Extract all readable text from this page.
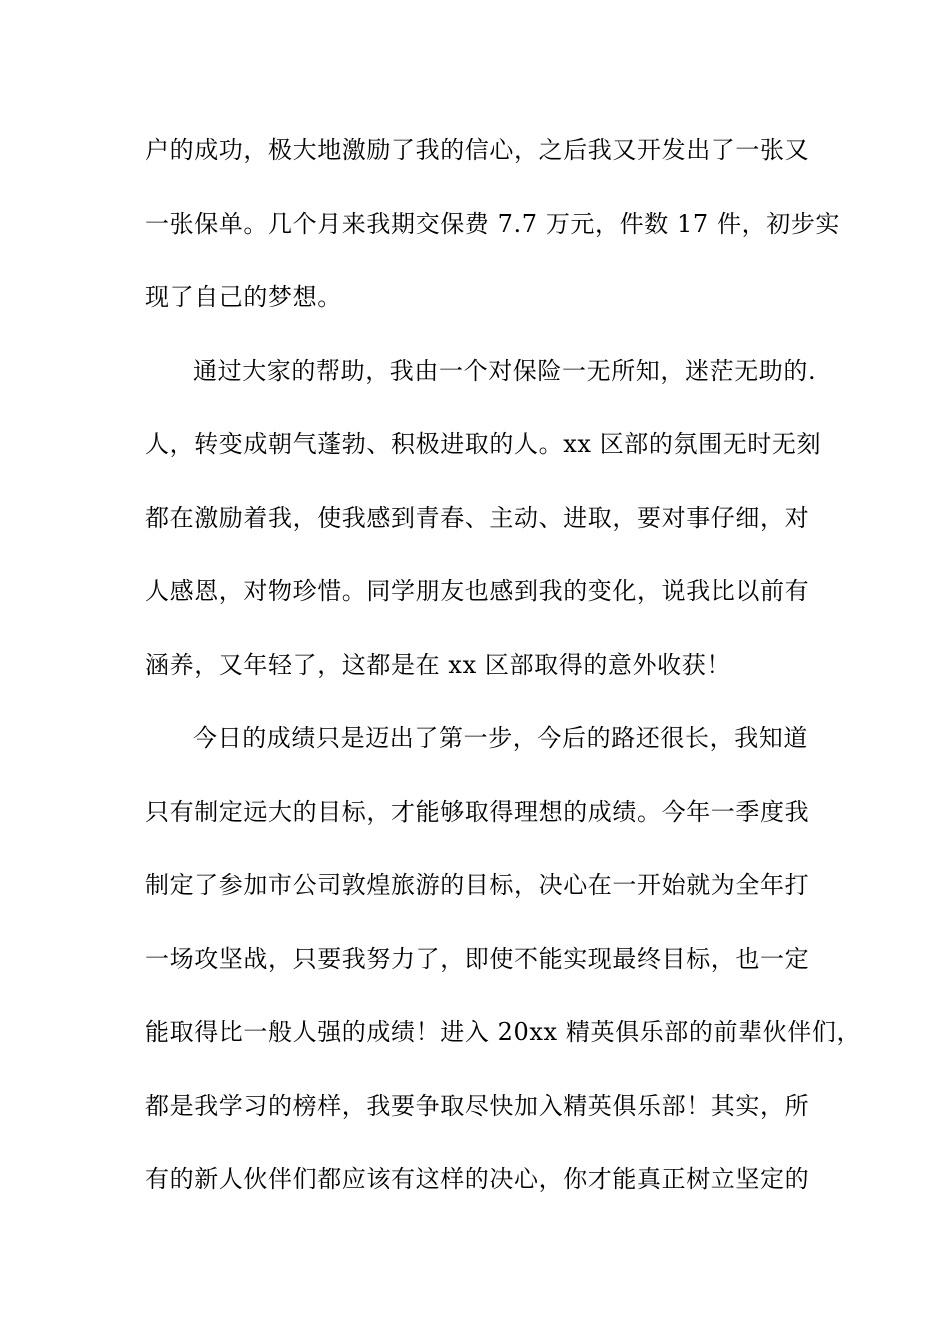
户的成功，极大地激励了我的信心，之后我又开发出了一张又
一张保单。几个月来我期交保费 7.7 万元，件数 17 件，初步实
现了自己的梦想。
通过大家的帮助，我由一个对保险一无所知，迷茫无助的.
人，转变成朝气蓬勃、积极进取的人。xx 区部的氛围无时无刻
都在激励着我，使我感到青春、主动、进取，要对事仔细，对
人感恩，对物珍惜。同学朋友也感到我的变化，说我比以前有
涵养，又年轻了，这都是在 xx 区部取得的意外收获！
今日的成绩只是迈出了第一步，今后的路还很长，我知道
只有制定远大的目标，才能够取得理想的成绩。今年一季度我
制定了参加市公司敦煌旅游的目标，决心在一开始就为全年打
一场攻坚战，只要我努力了，即使不能实现最终目标，也一定
能取得比一般人强的成绩！进入 20xx 精英俱乐部的前辈伙伴们，
都是我学习的榜样，我要争取尽快加入精英俱乐部！其实，所
有的新人伙伴们都应该有这样的决心，你才能真正树立坚定的
